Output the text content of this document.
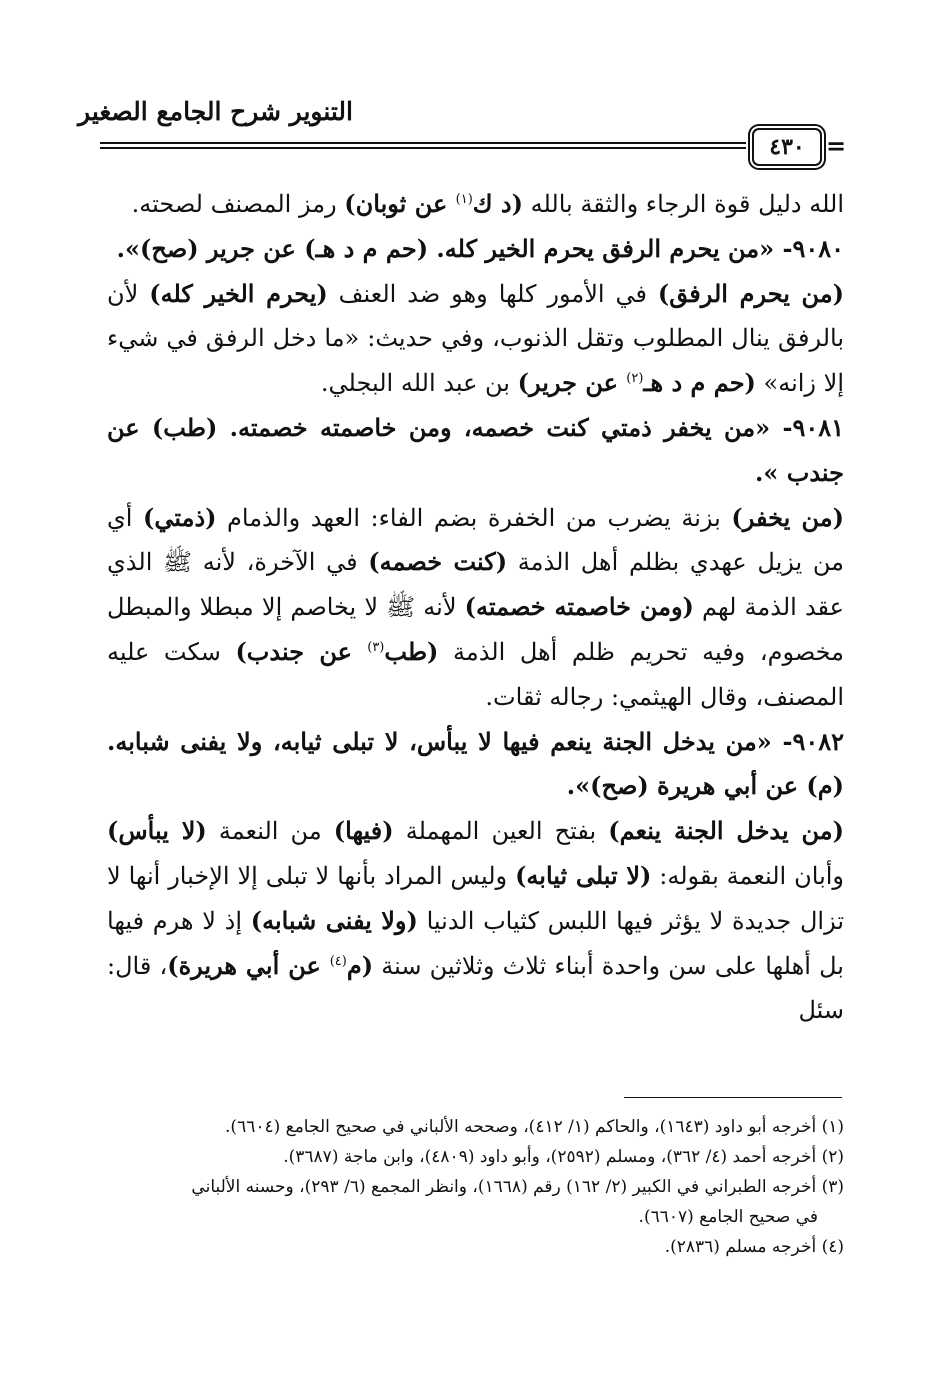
التنوير شرح الجامع الصغير
=
٤٣٠

الله دليل قوة الرجاء والثقة بالله (د ك$^{(١)}$ عن ثوبان) رمز المصنف لصحته.

٩٠٨٠- «من يحرم الرفق يحرم الخير كله. (حم م د هـ) عن جرير (صح)».

(من يحرم الرفق) في الأمور كلها وهو ضد العنف (يحرم الخير كله) لأن بالرفق ينال المطلوب وتقل الذنوب، وفي حديث: «ما دخل الرفق في شيء إلا زانه» (حم م د هـ$^{(٢)}$ عن جرير) بن عبد الله البجلي.

٩٠٨١- «من يخفر ذمتي كنت خصمه، ومن خاصمته خصمته. (طب) عن جندب ».

(من يخفر) بزنة يضرب من الخفرة بضم الفاء: العهد والذمام (ذمتي) أي من يزيل عهدي بظلم أهل الذمة (كنت خصمه) في الآخرة، لأنه ﷺ الذي عقد الذمة لهم (ومن خاصمته خصمته) لأنه ﷺ لا يخاصم إلا مبطلا والمبطل مخصوم، وفيه تحريم ظلم أهل الذمة (طب$^{(٣)}$ عن جندب) سكت عليه المصنف، وقال الهيثمي: رجاله ثقات.

٩٠٨٢- «من يدخل الجنة ينعم فيها لا يبأس، لا تبلى ثيابه، ولا يفنى شبابه. (م) عن أبي هريرة (صح)».

(من يدخل الجنة ينعم) بفتح العين المهملة (فيها) من النعمة (لا يبأس) وأبان النعمة بقوله: (لا تبلى ثيابه) وليس المراد بأنها لا تبلى إلا الإخبار أنها لا تزال جديدة لا يؤثر فيها اللبس كثياب الدنيا (ولا يفنى شبابه) إذ لا هرم فيها بل أهلها على سن واحدة أبناء ثلاث وثلاثين سنة (م$^{(٤)}$ عن أبي هريرة)، قال: سئل

(١) أخرجه أبو داود (١٦٤٣)، والحاكم (١/ ٤١٢)، وصححه الألباني في صحيح الجامع (٦٦٠٤).

(٢) أخرجه أحمد (٤/ ٣٦٢)، ومسلم (٢٥٩٢)، وأبو داود (٤٨٠٩)، وابن ماجة (٣٦٨٧).

(٣) أخرجه الطبراني في الكبير (٢/ ١٦٢) رقم (١٦٦٨)، وانظر المجمع (٦/ ٢٩٣)، وحسنه الألباني

في صحيح الجامع (٦٦٠٧).

(٤) أخرجه مسلم (٢٨٣٦).
